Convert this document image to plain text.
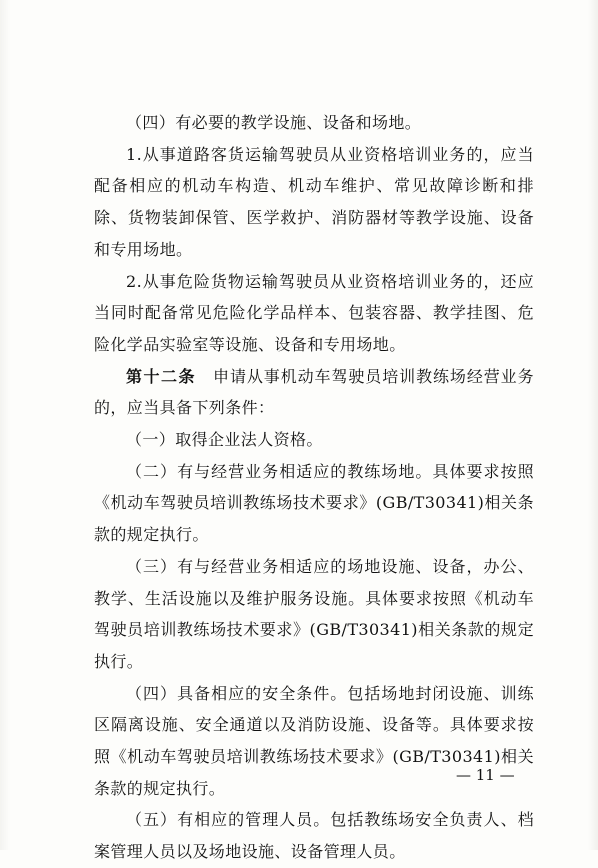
（四）有必要的教学设施、设备和场地。

1.从事道路客货运输驾驶员从业资格培训业务的，应当配备相应的机动车构造、机动车维护、常见故障诊断和排除、货物装卸保管、医学救护、消防器材等教学设施、设备和专用场地。

2.从事危险货物运输驾驶员从业资格培训业务的，还应当同时配备常见危险化学品样本、包装容器、教学挂图、危险化学品实验室等设施、设备和专用场地。

第十二条  申请从事机动车驾驶员培训教练场经营业务的，应当具备下列条件：

（一）取得企业法人资格。

（二）有与经营业务相适应的教练场地。具体要求按照《机动车驾驶员培训教练场技术要求》(GB/T30341)相关条款的规定执行。

（三）有与经营业务相适应的场地设施、设备，办公、教学、生活设施以及维护服务设施。具体要求按照《机动车驾驶员培训教练场技术要求》(GB/T30341)相关条款的规定执行。

（四）具备相应的安全条件。包括场地封闭设施、训练区隔离设施、安全通道以及消防设施、设备等。具体要求按照《机动车驾驶员培训教练场技术要求》(GB/T30341)相关条款的规定执行。

（五）有相应的管理人员。包括教练场安全负责人、档案管理人员以及场地设施、设备管理人员。

— 11 —
